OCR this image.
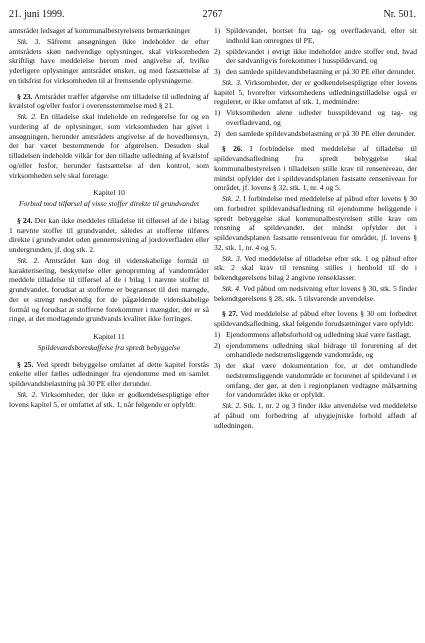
21. juni 1999.	2767	Nr. 501.

amtsrådet ledsaget af kommunalbestyrelsens bemærkninger

Stk. 3. Såfremt ansøgningen ikke indeholder de efter amtsrådets skøn nødvendige oplysninger, skal virksomheden skriftligt have meddelelse herom med angivelse af, hvilke yderligere oplysninger amtsrådet ønsker, og med fastsættelse af en tidsfrist for virksomheden til at fremsende oplysningerne.

§ 23. Amtsrådet træffer afgørelse om tilladelse til udledning af kvælstof og/eller fosfor i overensstemmelse med § 21.

Stk. 2. En tilladelse skal indeholde en redegørelse for og en vurdering af de oplysninger, som virksomheden har givet i ansøgningen, herunder amtsrådets angivelse af de hovedhensyn, der har været bestemmende for afgørelsen. Desuden skal tilladelsen indeholde vilkår for den tilladte udledning af kvælstof og/eller fosfor, herunder fastsættelse af den kontrol, som virksomheden selv skal foretage.

Kapitel 10

Forbud mod tilførsel af visse stoffer direkte til grundvandet

§ 24. Der kan ikke meddeles tilladelse til tilførsel af de i bilag 1 nævnte stoffer til grundvandet, således at stofferne tilføres direkte i grundvandet uden gennemsivning af jordoverfladen eller undergrunden, jf. dog stk. 2.

Stk. 2. Amtsrådet kan dog til videnskabelige formål til karakterisering, beskyttelse eller genopretning af vandområder meddele tilladelse til tilførsel af de i bilag 1 nævnte stoffer til grundvandet, forudsat at stofferne er begrænset til den mængde, der er strengt nødvendig for de pågældende videnskabelige formål og forudsat at stofferne forekommer i mængder, der er så ringe, at det modtagende grundvands kvalitet ikke forringes.

Kapitel 11

Spildevandsbortskaffelse fra spredt bebyggelse

§ 25. Ved spredt bebyggelse omfattet af dette kapitel forstås enkelte eller fælles udledninger fra ejendomme med en samlet spildevandsbelastning på 30 PE eller derunder.

Stk. 2. Virksomheder, der ikke er godkendelsespligtige efter lovens kapitel 5, er omfattet af stk. 1, når følgende er opfyldt:

1) Spildevandet, bortset fra tag- og overfladevand, efter sit indhold kan omregnes til PE,
2) spildevandet i øvrigt ikke indeholder andre stoffer end, hvad der sædvanligvis forekommer i husspildevand, og
3) den samlede spildevandsbelastning er på 30 PE eller derunder.

Stk. 3. Virksomheder, der er godkendelsespligtige efter lovens kapitel 5, hvorefter virksomhedens udledningstilladelse også er reguleret, er ikke omfattet af stk. 1, medmindre:

1) Virksomheden alene udleder husspildevand og tag- og overfladevand, og
2) den samlede spildevandsbelastning er på 30 PE eller derunder.

§ 26. I forbindelse med meddelelse af tilladelse til spildevandsafledning fra spredt bebyggelse skal kommunalbestyrelsen i tilladelsen stille krav til renseniveau, der mindst opfylder det i spildevandsplanen fastsatte renseniveau for området, jf. lovens § 32, stk. 1, nr. 4 og 5.

Stk. 2. I forbindelse med meddelelse af påbud efter lovens § 30 om forbedret spildevandsafledning til ejendomme beliggende i spredt bebyggelse skal kommunalbestyrelsen stille krav om rensning af spildevandet, der mindst opfylder det i spildevandsplanen fastsatte renseniveau for området, jf. lovens § 32, stk. 1, nr. 4 og 5.

Stk. 3. Ved meddelelse af tilladelse efter stk. 1 og påbud efter stk. 2 skal krav til rensning stilles i henhold til de i bekendtgørelsens bilag 2 angivne renseklasser.

Stk. 4. Ved påbud om nedsivning efter lovens § 30, stk. 5 finder bekendtgørelsens § 28, stk. 5 tilsvarende anvendelse.

§ 27. Ved meddelelse af påbud efter lovens § 30 om forbedret spildevandsafledning, skal følgende forudsætninger være opfyldt:

1) Ejendommens afløbsforhold og udledning skal være fastlagt,
2) ejendommens udledning skal bidrage til forurening af det omhandlede nedstrømsliggende vandområde, og
3) der skal være dokumentation for, at det omhandlede nedstrømsliggende vandområde er forurenet af spildevand i et omfang, der gør, at den i regionplanen vedtagne målsætning for vandområdet ikke er opfyldt.

Stk. 2. Stk. 1, nr. 2 og 3 finder ikke anvendelse ved meddelelse af påbud om forbedring af uhygiejniske forhold affødt af udledningen.
